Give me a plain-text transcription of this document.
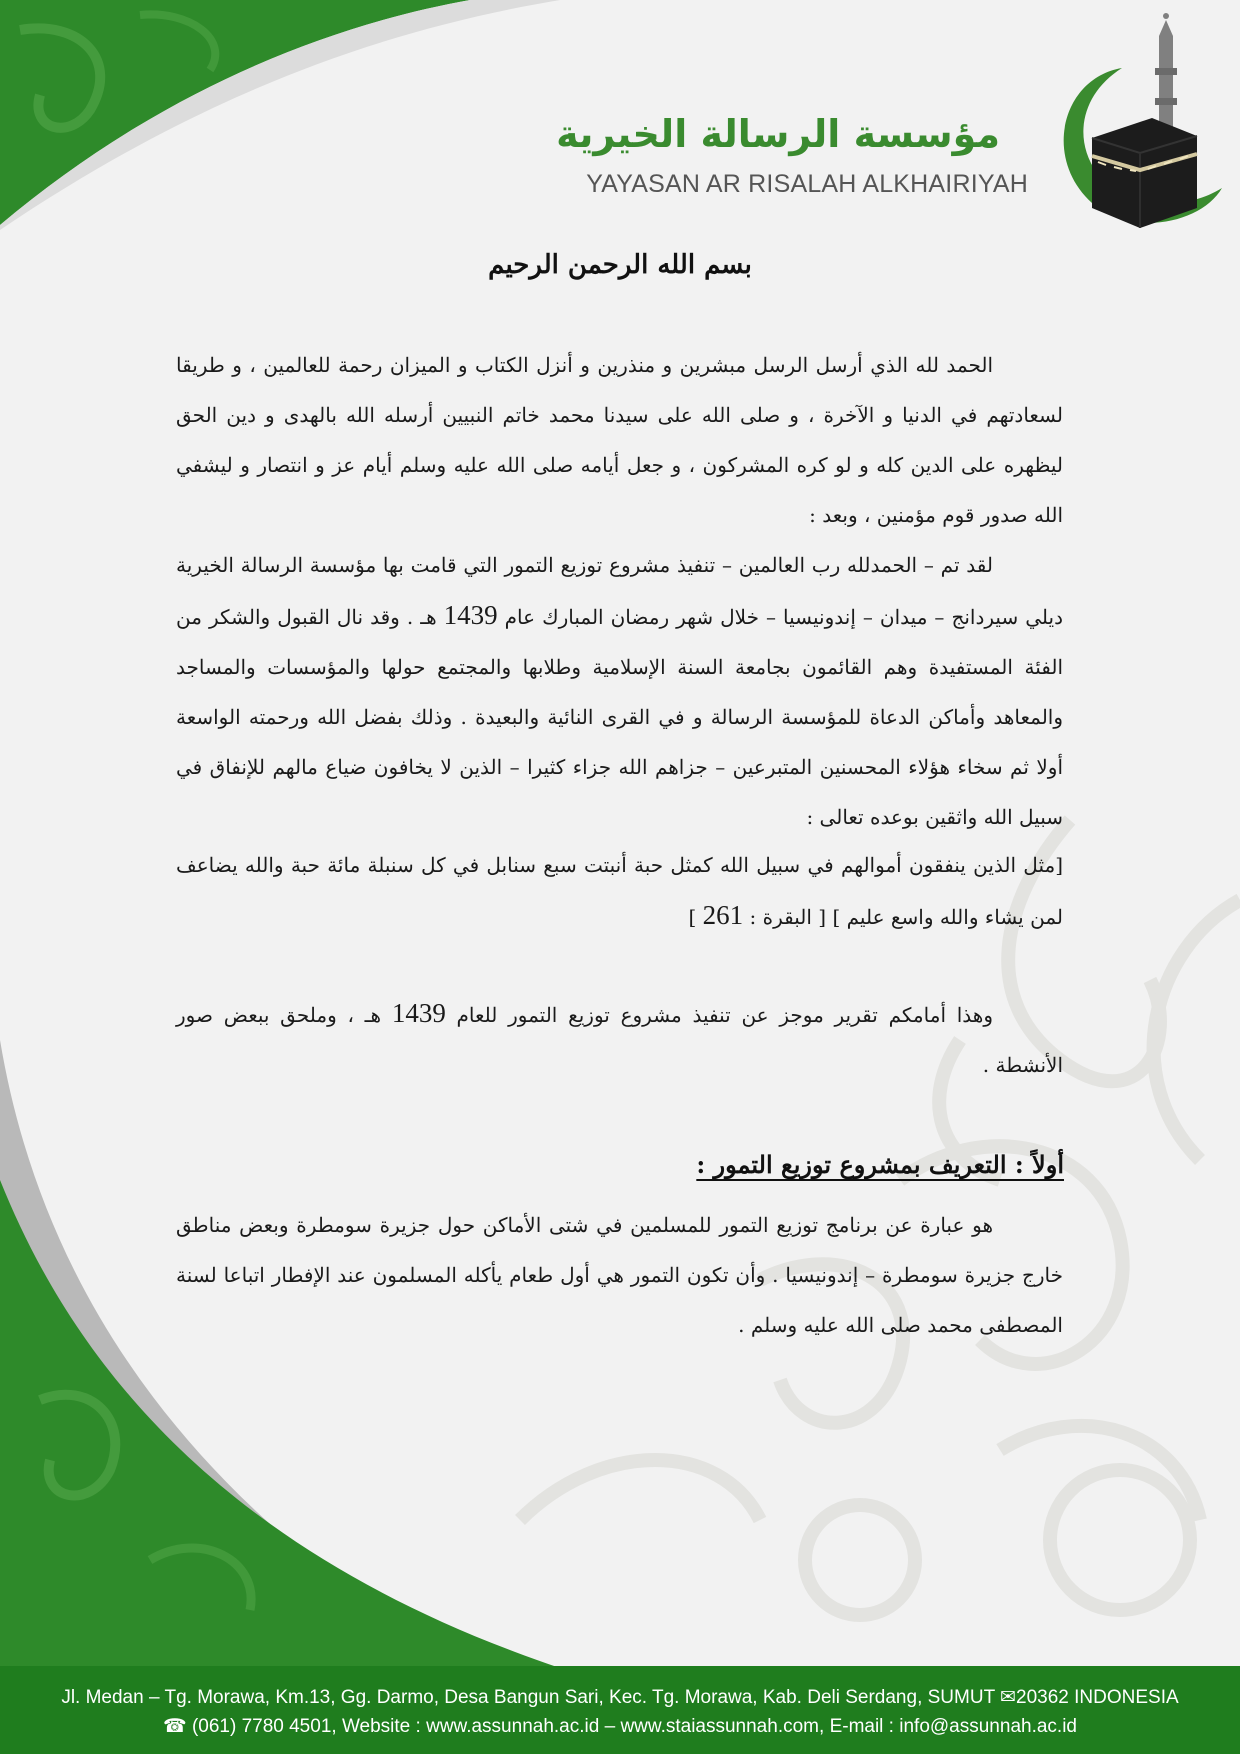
مؤسسة الرسالة الخيرية
YAYASAN AR RISALAH ALKHAIRIYAH
بسم الله الرحمن الرحيم

الحمد لله الذي أرسل الرسل مبشرين و منذرين و أنزل الكتاب و الميزان رحمة للعالمين ، و طريقا لسعادتهم في الدنيا و الآخرة ، و صلى الله على سيدنا محمد خاتم النبيين أرسله الله بالهدى و دين الحق ليظهره على الدين كله و لو كره المشركون ، و جعل أيامه صلى الله عليه وسلم أيام عز و انتصار و ليشفي الله صدور قوم مؤمنين ، وبعد :

لقد تم – الحمدلله رب العالمين – تنفيذ مشروع توزيع التمور التي قامت بها مؤسسة الرسالة الخيرية ديلي سيردانج – ميدان – إندونيسيا – خلال شهر رمضان المبارك عام 1439 هـ . وقد نال القبول والشكر من الفئة المستفيدة وهم القائمون بجامعة السنة الإسلامية وطلابها والمجتمع حولها والمؤسسات والمساجد والمعاهد وأماكن الدعاة للمؤسسة الرسالة و في القرى النائية والبعيدة . وذلك بفضل الله ورحمته الواسعة أولا ثم سخاء هؤلاء المحسنين المتبرعين – جزاهم الله جزاء كثيرا – الذين لا يخافون ضياع مالهم للإنفاق في سبيل الله واثقين بوعده تعالى :

[مثل الذين ينفقون أموالهم في سبيل الله كمثل حبة أنبتت سبع سنابل في كل سنبلة مائة حبة والله يضاعف لمن يشاء والله واسع عليم ] [ البقرة : 261 ]

وهذا أمامكم تقرير موجز عن تنفيذ مشروع توزيع التمور للعام 1439 هـ ، وملحق ببعض صور الأنشطة .

أولاً : التعريف بمشروع توزيع التمور :

هو عبارة عن برنامج توزيع التمور للمسلمين في شتى الأماكن حول جزيرة سومطرة وبعض مناطق خارج جزيرة سومطرة – إندونيسيا . وأن تكون التمور هي أول طعام يأكله المسلمون عند الإفطار اتباعا لسنة المصطفى محمد صلى الله عليه وسلم .

Jl. Medan – Tg. Morawa, Km.13, Gg. Darmo, Desa Bangun Sari, Kec. Tg. Morawa, Kab. Deli Serdang, SUMUT ✉20362 INDONESIA
☎ (061) 7780 4501, Website : www.assunnah.ac.id – www.staiassunnah.com, E-mail : info@assunnah.ac.id
